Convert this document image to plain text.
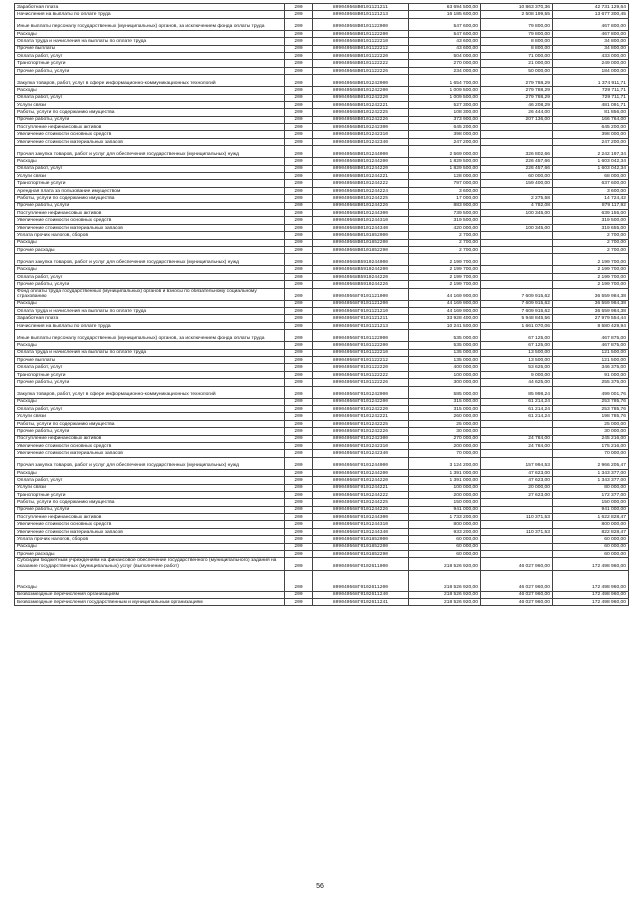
Заработная плата	200	809040568В0101121211	63 694 500,00	10 863 370,36	42 731 129,64
Начисления на выплаты по оплате труда	200	809040568В0101121213	16 185 600,00	2 508 199,55	13 677 300,45
Иные выплаты персоналу государственных (муниципальных) органов, за исключением фонда оплаты труда	200	809040568В0101122000	547 600,00	79 800,00	467 800,00
Расходы	200	809040568В0101122200	547 600,00	79 800,00	467 800,00
Оплата труда и начисления на выплаты по оплате труда	200	809040568В0101122210	43 600,00	8 800,00	34 800,00
Прочие выплаты	200	809040568В0101122212	43 600,00	8 800,00	34 800,00
Оплата работ, услуг	200	809040568В0101122220	504 000,00	71 000,00	433 000,00
Транспортные услуги	200	809040568В0101122222	270 000,00	21 000,00	249 000,00
Прочие работы, услуги	200	809040568В0101122226	234 000,00	50 000,00	184 000,00
Закупка товаров, работ, услуг в сфере информационно-коммуникационных технологий	200	809040568В0101242000	1 654 700,00	279 788,29	1 374 911,71
Расходы	200	809040568В0101242200	1 009 500,00	279 788,29	729 711,71
Оплата работ, услуг	200	809040568В0101242220	1 009 500,00	279 788,29	729 711,71
Услуги связи	200	809040568В0101242221	527 300,00	46 208,29	481 091,71
Работы, услуги по содержанию имущества	200	809040568В0101242225	108 300,00	26 444,00	81 856,00
Прочие работы, услуги	200	809040568В0101242226	373 900,00	207 136,00	166 764,00
Поступление нефинансовых активов	200	809040568В0101242300	645 200,00		645 200,00
Увеличение стоимости основных средств	200	809040568В0101242310	398 000,00		398 000,00
Увеличение стоимости материальных запасов	200	809040568В0101242340	247 200,00		247 200,00
Прочая закупка товаров, работ и услуг для обеспечения государственных (муниципальных) нужд	200	809040568В0101244000	2 569 000,00	326 802,66	2 242 197,34
Расходы	200	809040568В0101244200	1 829 500,00	226 457,66	1 603 042,34
Оплата работ, услуг	200	809040568В0101244220	1 829 500,00	226 457,66	1 603 042,34
Услуги связи	200	809040568В0101244221	128 000,00	60 000,00	68 000,00
Транспортные услуги	200	809040568В0101244222	797 000,00	159 400,00	637 600,00
Арендная плата за пользование имуществом	200	809040568В0101244224	3 600,00		3 600,00
Работы, услуги по содержанию имущества	200	809040568В0101244225	17 000,00	2 275,58	14 724,42
Прочие работы, услуги	200	809040568В0101244226	883 900,00	4 782,08	879 117,92
Поступление нефинансовых активов	200	809040568В0101244300	739 500,00	100 345,00	639 155,00
Увеличение стоимости основных средств	200	809040568В0101244310	319 500,00		319 500,00
Увеличение стоимости материальных запасов	200	809040568В0101244340	420 000,00	100 345,00	319 655,00
Уплата прочих налогов, сборов	200	809040568В0101852000	2 700,00		2 700,00
Расходы	200	809040568В0101852200	2 700,00		2 700,00
Прочие расходы	200	809040568В0101852290	2 700,00		2 700,00
Прочая закупка товаров, работ и услуг для обеспечения государственных (муниципальных) нужд	200	809040568В5910244000	2 199 700,00		2 199 700,00
Расходы	200	809040568В5910244200	2 199 700,00		2 199 700,00
Оплата работ, услуг	200	809040568В5910244220	2 199 700,00		2 199 700,00
Прочие работы, услуги	200	809040568В5910244226	2 199 700,00		2 199 700,00
Фонд оплаты труда государственных (муниципальных) органов и взносы по обязательному социальному страхованию	200	809040568Г0101121000	44 169 900,00	7 609 915,62	36 559 984,38
Расходы	200	809040568Г0101121200	44 169 900,00	7 609 915,62	36 559 984,38
Оплата труда и начисления на выплаты по оплате труда	200	809040568Г0101121210	44 169 900,00	7 609 915,62	36 559 984,38
Заработная плата	200	809040568Г0101121211	33 928 400,00	5 948 845,56	27 979 554,44
Начисления на выплаты по оплате труда	200	809040568Г0101121213	10 241 500,00	1 661 070,06	8 580 429,94
Иные выплаты персоналу государственных (муниципальных) органов, за исключением фонда оплаты труда	200	809040568Г0101122000	535 000,00	67 125,00	467 875,00
Расходы	200	809040568Г0101122200	535 000,00	67 125,00	467 875,00
Оплата труда и начисления на выплаты по оплате труда	200	809040568Г0101122210	135 000,00	13 500,00	121 500,00
Прочие выплаты	200	809040568Г0101122212	135 000,00	13 500,00	121 500,00
Оплата работ, услуг	200	809040568Г0101122220	400 000,00	53 625,00	346 375,00
Транспортные услуги	200	809040568Г0101122222	100 000,00	9 000,00	91 000,00
Прочие работы, услуги	200	809040568Г0101122226	300 000,00	44 625,00	255 375,00
Закупка товаров, работ, услуг в сфере информационно-коммуникационных технологий	200	809040568Г0101242000	585 000,00	85 998,24	499 001,76
Расходы	200	809040568Г0101242200	315 000,00	61 214,24	253 785,76
Оплата работ, услуг	200	809040568Г0101242220	315 000,00	61 214,24	253 785,76
Услуги связи	200	809040568Г0101242221	260 000,00	61 214,24	198 785,76
Работы, услуги по содержанию имущества	200	809040568Г0101242225	25 000,00		25 000,00
Прочие работы, услуги	200	809040568Г0101242226	30 000,00		30 000,00
Поступление нефинансовых активов	200	809040568Г0101242300	270 000,00	24 784,00	245 216,00
Увеличение стоимости основных средств	200	809040568Г0101242310	200 000,00	24 784,00	175 216,00
Увеличение стоимости материальных запасов	200	809040568Г0101242340	70 000,00		70 000,00
Прочая закупка товаров, работ и услуг для обеспечения государственных (муниципальных) нужд	200	809040568Г0101244000	3 124 200,00	157 994,53	2 966 205,47
Расходы	200	809040568Г0101244200	1 391 000,00	47 623,00	1 343 377,00
Оплата работ, услуг	200	809040568Г0101244220	1 391 000,00	47 623,00	1 343 377,00
Услуги связи	200	809040568Г0101244221	100 000,00	20 000,00	80 000,00
Транспортные услуги	200	809040568Г0101244222	200 000,00	27 623,00	172 377,00
Работы, услуги по содержанию имущества	200	809040568Г0101244225	150 000,00		150 000,00
Прочие работы, услуги	200	809040568Г0101244226	941 000,00		941 000,00
Поступление нефинансовых активов	200	809040568Г0101244300	1 733 200,00	110 371,53	1 622 828,47
Увеличение стоимости основных средств	200	809040568Г0101244310	800 000,00		800 000,00
Увеличение стоимости материальных запасов	200	809040568Г0101244340	933 200,00	110 371,53	822 828,47
Уплата прочих налогов, сборов	200	809040568Г0101852000	60 000,00		60 000,00
Расходы	200	809040568Г0101852200	60 000,00		60 000,00
Прочие расходы	200	809040568Г0101852290	60 000,00		60 000,00
Субсидии бюджетным учреждениям на финансовое обеспечение государственного (муниципального) задания на оказание государственных (муниципальных) услуг (выполнение работ)	200	809040568Г0102611000	218 526 920,00	46 027 960,00	172 498 960,00
Расходы	200	809040568Г0102611200	218 526 920,00	46 027 960,00	172 498 960,00
Безвозмездные перечисления организациям	200	809040568Г0102611240	218 526 920,00	46 027 960,00	172 498 960,00
Безвозмездные перечисления государственным и муниципальным организациям	200	809040568Г0102611241	218 526 920,00	46 027 960,00	172 498 960,00
56
